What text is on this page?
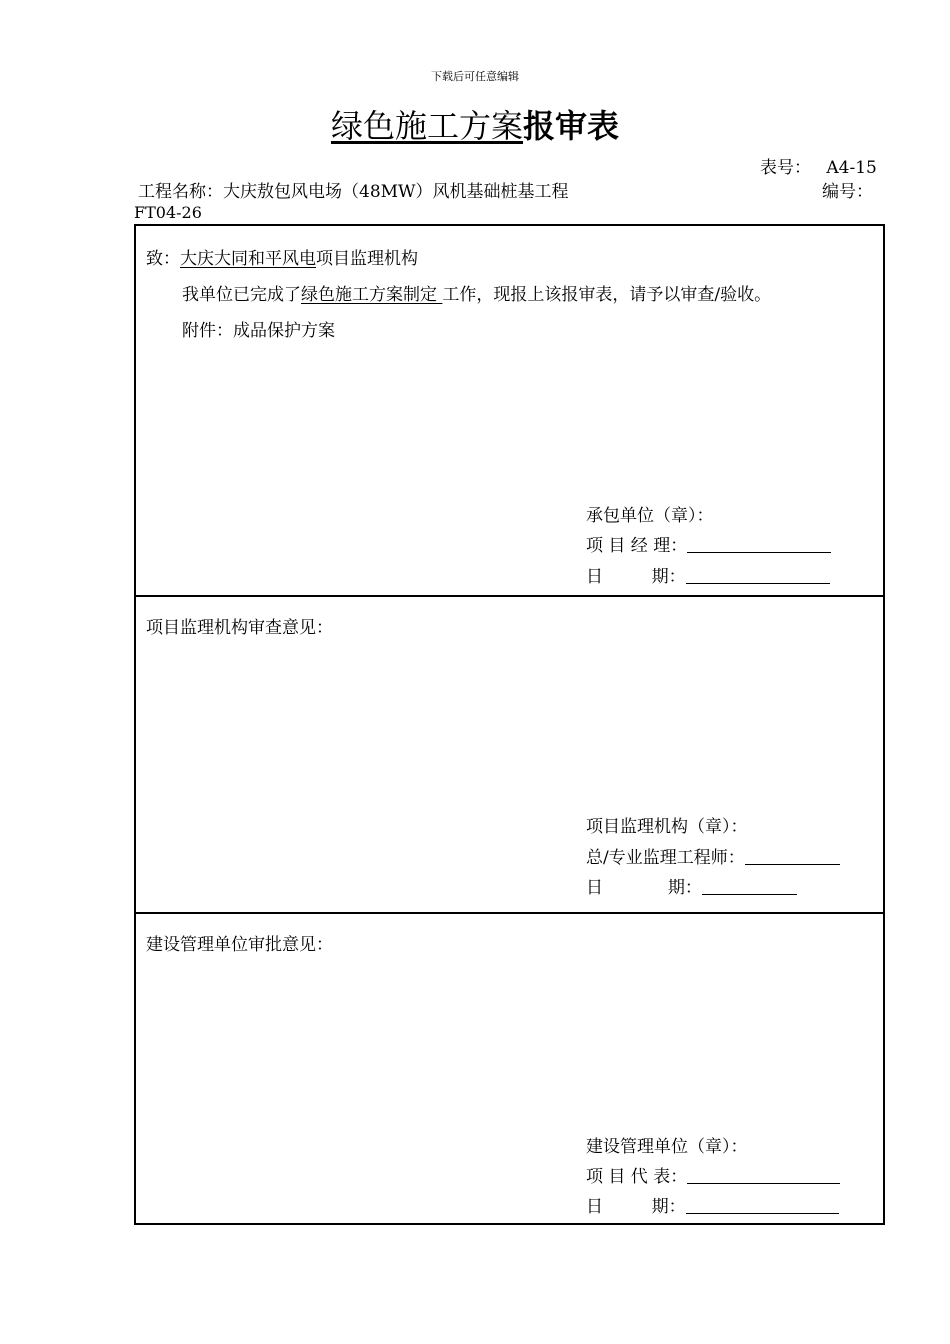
下载后可任意编辑
绿色施工方案报审表
表号： A4-15
工程名称：大庆敖包风电场（48MW）风机基础桩基工程	编号：
FT04-26
致：大庆大同和平风电项目监理机构
我单位已完成了绿色施工方案制定 工作，现报上该报审表，请予以审查/验收。
附件：成品保护方案
承包单位（章）：
项 目 经 理：
日         期：
项目监理机构审查意见：
项目监理机构（章）：
总/专业监理工程师：
日            期：
建设管理单位审批意见：
建设管理单位（章）：
项 目 代 表：
日         期：
